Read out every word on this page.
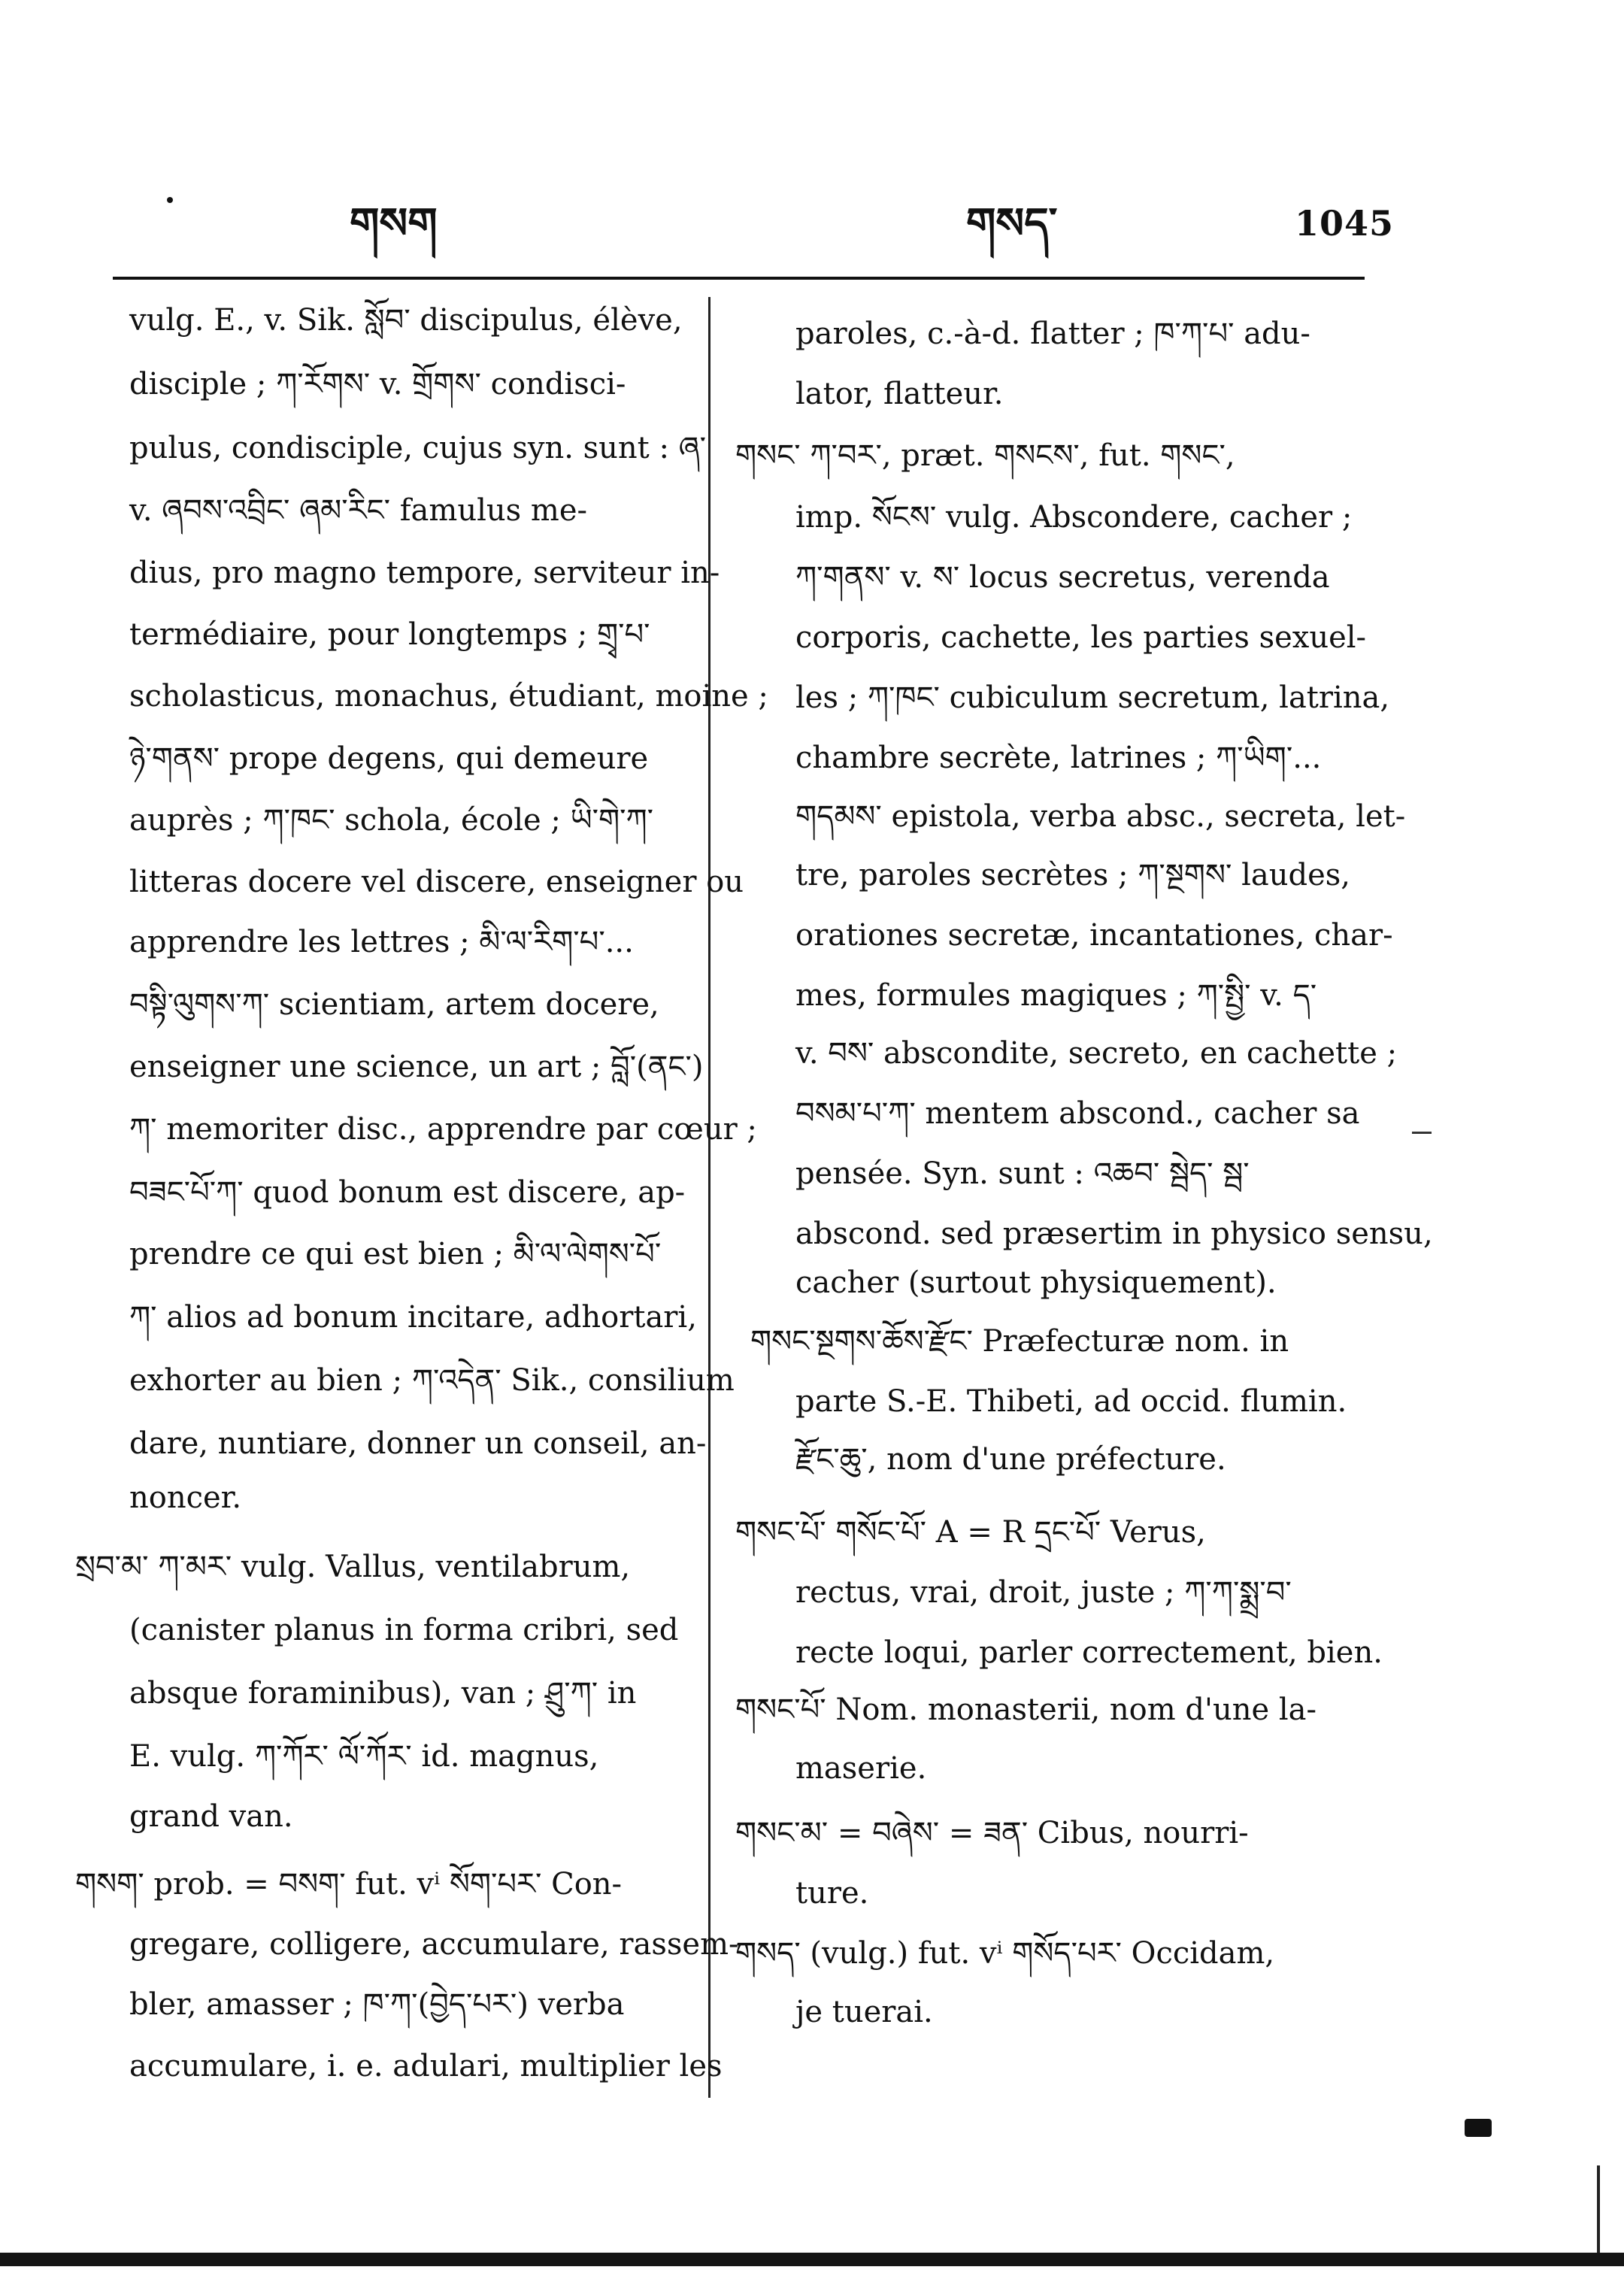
གསག	གསད་	1045
vulg. E., v. Sik. སློབ་ discipulus, élève,
disciple ; ཀ་རོགས་ v. གྲོགས་ condisci-
pulus, condisciple, cujus syn. sunt : ཞ་
v. ཞབས་འབྲིང་ ཞམ་རིང་ famulus me-
dius, pro magno tempore, serviteur in-
termédiaire, pour longtemps ; གྲྭ་པ་
scholasticus, monachus, étudiant, moine ;
ཉེ་གནས་ prope degens, qui demeure
auprès ; ཀ་ཁང་ schola, école ; ཡི་གེ་ཀ་
litteras docere vel discere, enseigner ou
apprendre les lettres ; མི་ལ་རིག་པ་...
བསྟི་ལུགས་ཀ་ scientiam, artem docere,
enseigner une science, un art ; བློ་(ནང་)
ཀ་ memoriter disc., apprendre par cœur ;
བཟང་པོ་ཀ་ quod bonum est discere, ap-
prendre ce qui est bien ; མི་ལ་ལེགས་པོ་
ཀ་ alios ad bonum incitare, adhortari,
exhorter au bien ; ཀ་འདེན་ Sik., consilium
dare, nuntiare, donner un conseil, an-
noncer.
སྲབ་མ་ ཀ་མར་ vulg. Vallus, ventilabrum,
(canister planus in forma cribri, sed
absque foraminibus), van ; ཤྲུ་ཀ་ in
E. vulg. ཀ་ཀོར་ ལོ་ཀོར་ id. magnus,
grand van.
གསག་ prob. = བསག་ fut. vⁱ སོག་པར་ Con-
gregare, colligere, accumulare, rassem-
bler, amasser ; ཁ་ཀ་(བྱེད་པར་) verba
accumulare, i. e. adulari, multiplier les
paroles, c.-à-d. flatter ; ཁ་ཀ་པ་ adu-
lator, flatteur.
གསང་ ཀ་བར་, præt. གསངས་, fut. གསང་,
imp. སོངས་ vulg. Abscondere, cacher ;
ཀ་གནས་ v. ས་ locus secretus, verenda
corporis, cachette, les parties sexuel-
les ; ཀ་ཁང་ cubiculum secretum, latrina,
chambre secrète, latrines ; ཀ་ཡིག་...
གདམས་ epistola, verba absc., secreta, let-
tre, paroles secrètes ; ཀ་སྔགས་ laudes,
orationes secretæ, incantationes, char-
mes, formules magiques ; ཀ་སྤྱི་ v. ད་
v. བས་ abscondite, secreto, en cachette ;
བསམ་པ་ཀ་ mentem abscond., cacher sa
pensée. Syn. sunt : འཆབ་ སྦེད་ སྦ་
abscond. sed præsertim in physico sensu,
cacher (surtout physiquement).
གསང་སྔགས་ཆོས་རྫོང་ Præfecturæ nom. in
parte S.-E. Thibeti, ad occid. flumin.
རྫོང་ཆུ་, nom d'une préfecture.
གསང་པོ་ གསོང་པོ་ A = R དྲང་པོ་ Verus,
rectus, vrai, droit, juste ; ཀ་ཀ་སྨྲ་བ་
recte loqui, parler correctement, bien.
གསང་པོ་ Nom. monasterii, nom d'une la-
maserie.
གསང་མ་ = བཞེས་ = ཟན་ Cibus, nourri-
ture.
གསད་ (vulg.) fut. vⁱ གསོད་པར་ Occidam,
je tuerai.
